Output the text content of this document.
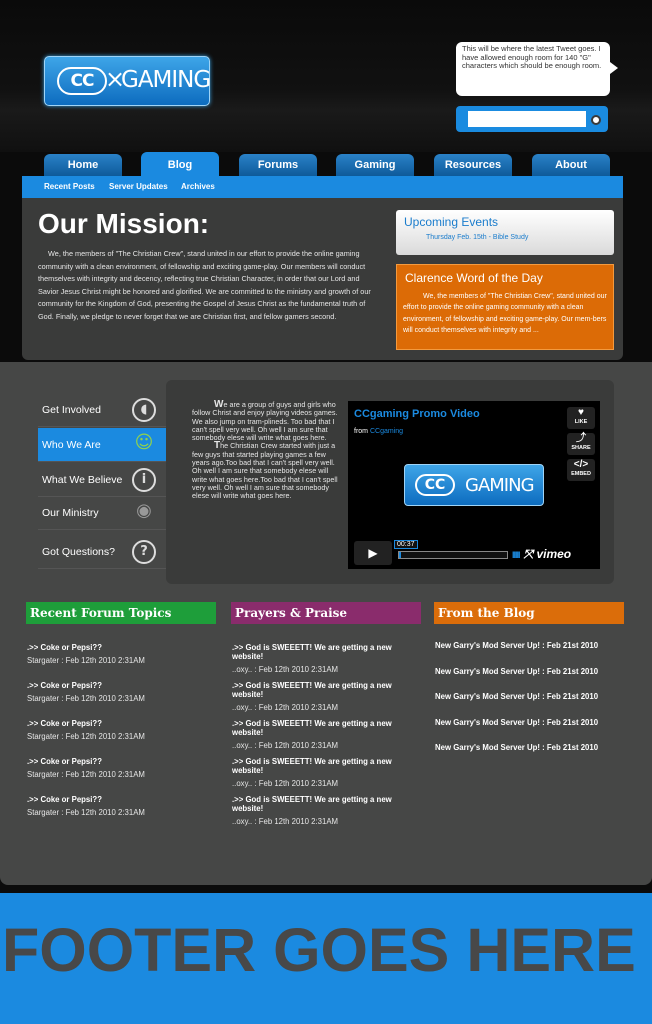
CC ×
GAMING
This will be where the latest Tweet goes. I have allowed enough room for 140 "G" characters which should be enough room.
Home	Blog	Forums	Gaming	Resources	About
Recent Posts Server Updates Archives
Our Mission:
We, the members of "The Christian Crew", stand united in our effort to provide the online gaming community with a clean environment, of fellowship and exciting game-play. Our members will conduct themselves with integrity and decency, reflecting true Christian Character, in order that our Lord and Savior Jesus Christ might be honored and glorified. We are committed to the ministry and growth of our community for the Kingdom of God, presenting the Gospel of Jesus Christ as the fundamental truth of God. Finally, we pledge to never forget that we are Christian first, and fellow gamers second.
Upcoming Events
Thursday Feb. 15th - Bible Study
Clarence Word of the Day
We, the members of "The Christian Crew", stand united our effort to provide the online gaming community with a clean environment, of fellowship and exciting game-play. Our mem-bers will conduct themselves with integrity and ...
Get Involved	◖
Who We Are ☺
What We Believe	i
Our Ministry ◉
Got Questions?	?

We are a group of guys and girls who follow Christ and enjoy playing videos games. We also jump on tram-plineds. Too bad that I can't spell very well. Oh well I am sure that somebody elese will write what goes here.

The Christian Crew started with just a few guys that started playing games a few years ago.Too bad that I can't spell very well. Oh well I am sure that somebody elese will write what goes here.Too bad that I can't spell very well. Oh well I am sure that somebody elese will write what goes here.

CCgaming Promo Video
from CCgaming
♥
LIKE
⤴
SHARE
</>
EMBED
CC	GAMING
▶
00:37
IIIII ⤧ vimeo
Recent Forum Topics	Prayers & Praise	From the Blog
.>> Coke or Pepsi??
Stargater : Feb 12th 2010 2:31AM
.>> Coke or Pepsi??
Stargater : Feb 12th 2010 2:31AM
.>> Coke or Pepsi??
Stargater : Feb 12th 2010 2:31AM
.>> Coke or Pepsi??
Stargater : Feb 12th 2010 2:31AM
.>> Coke or Pepsi??
Stargater : Feb 12th 2010 2:31AM
.>> God is SWEEETT! We are getting a new website!
..oxy.. : Feb 12th 2010 2:31AM
.>> God is SWEEETT! We are getting a new website!
..oxy.. : Feb 12th 2010 2:31AM
.>> God is SWEEETT! We are getting a new website!
..oxy.. : Feb 12th 2010 2:31AM
.>> God is SWEEETT! We are getting a new website!
..oxy.. : Feb 12th 2010 2:31AM
.>> God is SWEEETT! We are getting a new website!
..oxy.. : Feb 12th 2010 2:31AM
New Garry's Mod Server Up! : Feb 21st 2010
New Garry's Mod Server Up! : Feb 21st 2010
New Garry's Mod Server Up! : Feb 21st 2010
New Garry's Mod Server Up! : Feb 21st 2010
New Garry's Mod Server Up! : Feb 21st 2010
FOOTER GOES HERE
